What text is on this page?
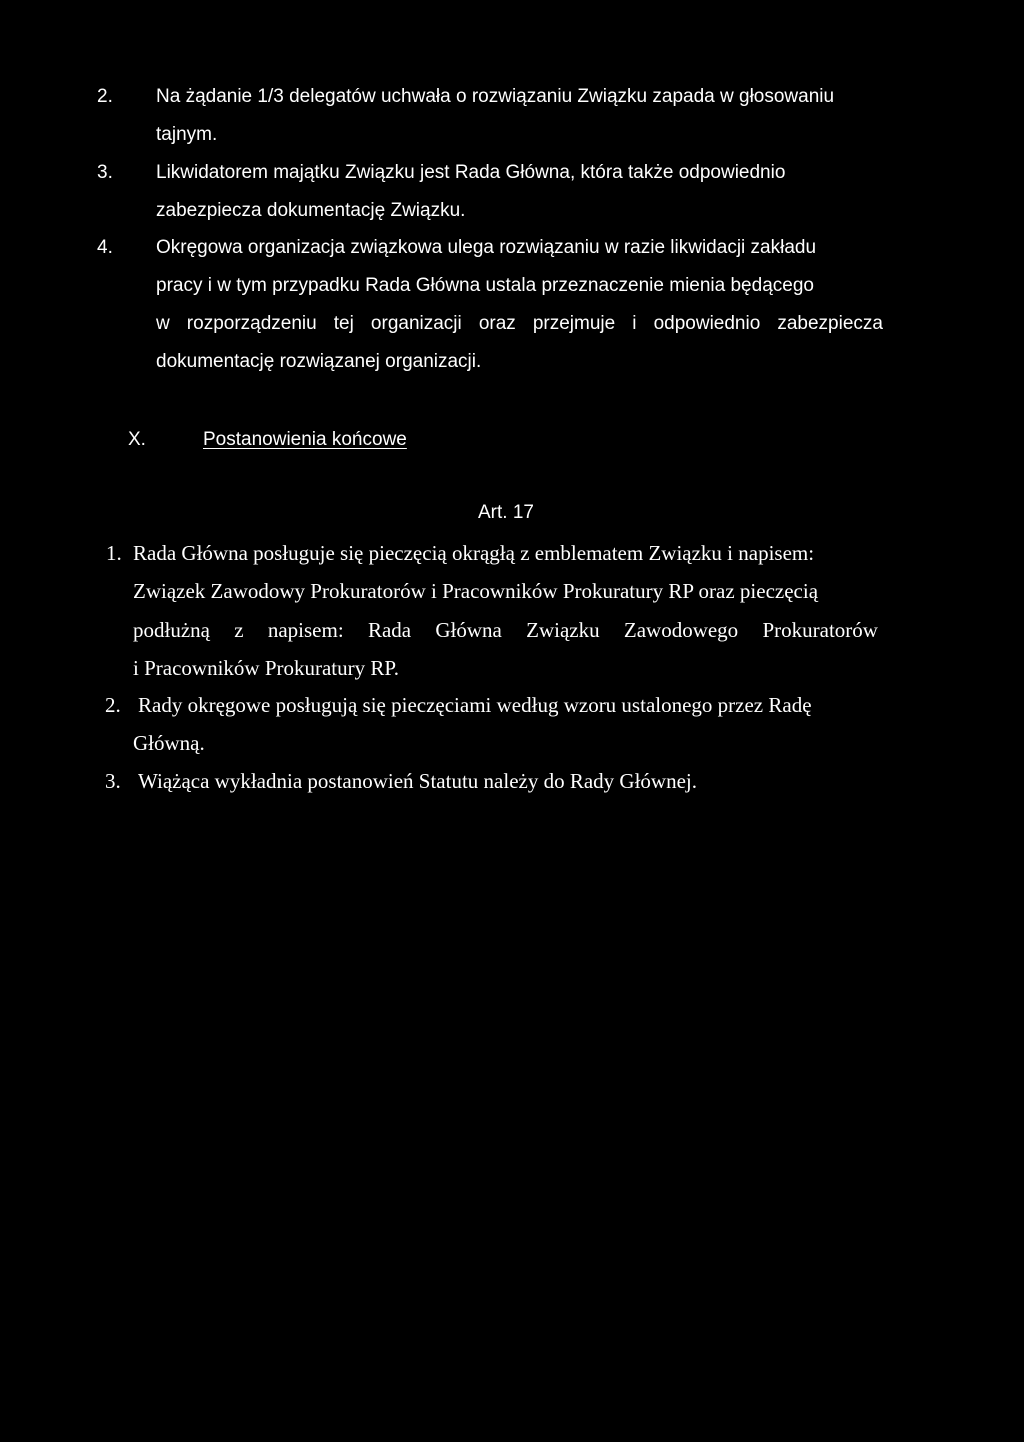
2. Na żądanie 1/3 delegatów uchwała o rozwiązaniu Związku zapada w głosowaniu
tajnym.
3. Likwidatorem majątku Związku jest Rada Główna, która także odpowiednio
zabezpiecza dokumentację Związku.
4. Okręgowa organizacja związkowa ulega rozwiązaniu w razie likwidacji zakładu
pracy i w tym przypadku Rada Główna ustala przeznaczenie mienia będącego
w rozporządzeniu tej organizacji oraz przejmuje i odpowiednio zabezpiecza
dokumentację rozwiązanej organizacji.
X.	Postanowienia końcowe
Art. 17
1. Rada Główna posługuje się pieczęcią okrągłą z emblematem Związku i napisem:
Związek Zawodowy Prokuratorów i Pracowników Prokuratury RP oraz pieczęcią
podłużną z napisem: Rada Główna Związku Zawodowego Prokuratorów
i Pracowników Prokuratury RP.
2. Rady okręgowe posługują się pieczęciami według wzoru ustalonego przez Radę
Główną.
3. Wiążąca wykładnia postanowień Statutu należy do Rady Głównej.
